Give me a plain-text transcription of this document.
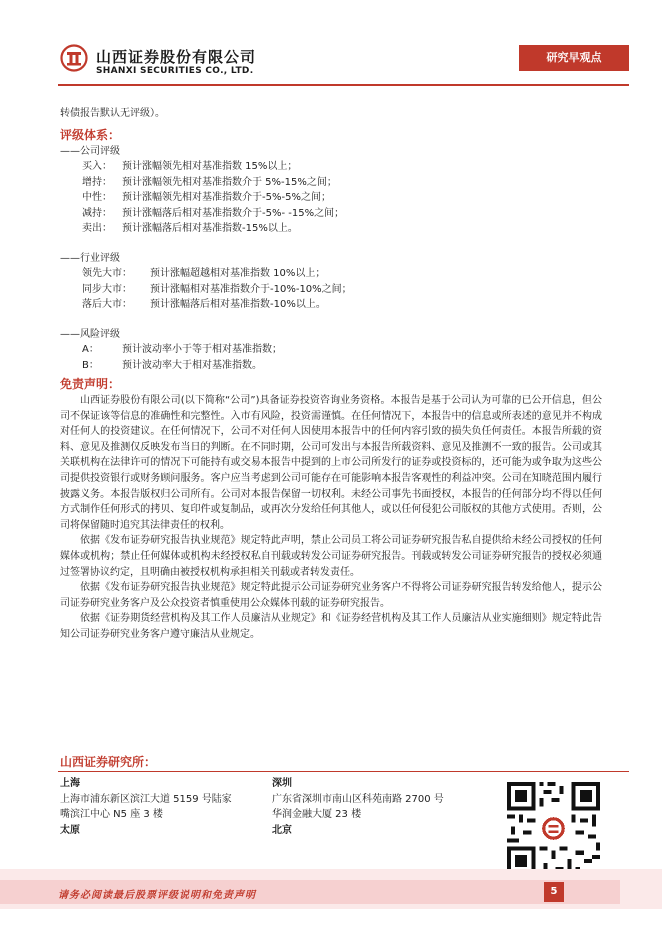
山西证券股份有限公司
SHANXI SECURITIES CO., LTD.
研究早观点
转债报告默认无评级）。
评级体系：
——公司评级
买入： 预计涨幅领先相对基准指数 15%以上；
增持： 预计涨幅领先相对基准指数介于 5%-15%之间；
中性： 预计涨幅领先相对基准指数介于-5%-5%之间；
减持： 预计涨幅落后相对基准指数介于-5%- -15%之间；
卖出： 预计涨幅落后相对基准指数-15%以上。
——行业评级
领先大市： 预计涨幅超越相对基准指数 10%以上；
同步大市： 预计涨幅相对基准指数介于-10%-10%之间；
落后大市： 预计涨幅落后相对基准指数-10%以上。
——风险评级
A： 预计波动率小于等于相对基准指数；
B： 预计波动率大于相对基准指数。
免责声明：

山西证券股份有限公司(以下简称“公司”)具备证券投资咨询业务资格。本报告是基于公司认为可靠的已公开信息，但公司不保证该等信息的准确性和完整性。入市有风险，投资需谨慎。在任何情况下，本报告中的信息或所表述的意见并不构成对任何人的投资建议。在任何情况下，公司不对任何人因使用本报告中的任何内容引致的损失负任何责任。本报告所载的资料、意见及推测仅反映发布当日的判断。在不同时期，公司可发出与本报告所载资料、意见及推测不一致的报告。公司或其关联机构在法律许可的情况下可能持有或交易本报告中提到的上市公司所发行的证券或投资标的，还可能为或争取为这些公司提供投资银行或财务顾问服务。客户应当考虑到公司可能存在可能影响本报告客观性的利益冲突。公司在知晓范围内履行披露义务。本报告版权归公司所有。公司对本报告保留一切权利。未经公司事先书面授权，本报告的任何部分均不得以任何方式制作任何形式的拷贝、复印件或复制品，或再次分发给任何其他人，或以任何侵犯公司版权的其他方式使用。否则，公司将保留随时追究其法律责任的权利。

依据《发布证券研究报告执业规范》规定特此声明，禁止公司员工将公司证券研究报告私自提供给未经公司授权的任何媒体或机构；禁止任何媒体或机构未经授权私自刊载或转发公司证券研究报告。刊载或转发公司证券研究报告的授权必须通过签署协议约定，且明确由被授权机构承担相关刊载或者转发责任。

依据《发布证券研究报告执业规范》规定特此提示公司证券研究业务客户不得将公司证券研究报告转发给他人，提示公司证券研究业务客户及公众投资者慎重使用公众媒体刊载的证券研究报告。

依据《证券期货经营机构及其工作人员廉洁从业规定》和《证券经营机构及其工作人员廉洁从业实施细则》规定特此告知公司证券研究业务客户遵守廉洁从业规定。

山西证券研究所：
上海
上海市浦东新区滨江大道 5159 号陆家
嘴滨江中心 N5 座 3 楼
太原
深圳
广东省深圳市南山区科苑南路 2700 号
华润金融大厦 23 楼
北京
请务必阅读最后股票评级说明和免责声明	5
